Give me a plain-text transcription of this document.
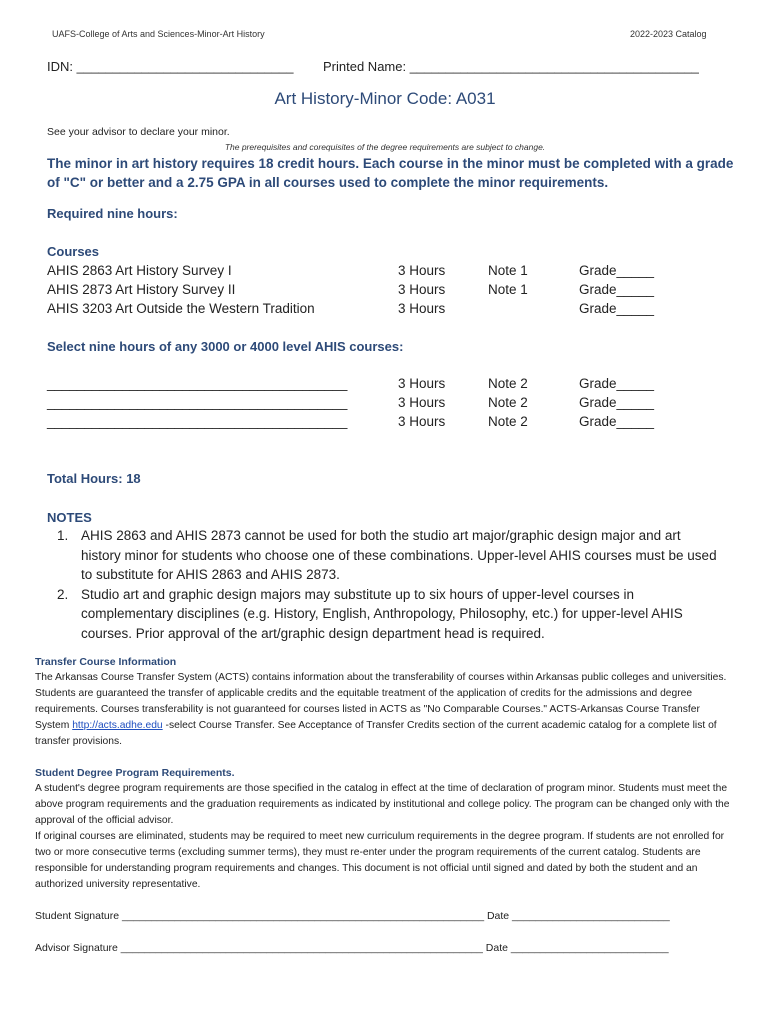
UAFS-College of Arts and Sciences-Minor-Art History	2022-2023 Catalog
IDN: ______________________________ Printed Name: ________________________________________
Art History-Minor Code: A031
See your advisor to declare your minor.
The prerequisites and corequisites of the degree requirements are subject to change.
The minor in art history requires 18 credit hours. Each course in the minor must be completed with a grade of "C" or better and a 2.75 GPA in all courses used to complete the minor requirements.
Required nine hours:
Courses
AHIS 2863 Art History Survey I	3 Hours	Note 1	Grade_____
AHIS 2873 Art History Survey II	3 Hours	Note 1	Grade_____
AHIS 3203 Art Outside the Western Tradition	3 Hours	Grade_____
Select nine hours of any 3000 or 4000 level AHIS courses:
________________________________________	3 Hours	Note 2	Grade_____
________________________________________	3 Hours	Note 2	Grade_____
________________________________________	3 Hours	Note 2	Grade_____
Total Hours: 18
NOTES
1. AHIS 2863 and AHIS 2873 cannot be used for both the studio art major/graphic design major and art history minor for students who choose one of these combinations. Upper-level AHIS courses must be used to substitute for AHIS 2863 and AHIS 2873.
2. Studio art and graphic design majors may substitute up to six hours of upper-level courses in complementary disciplines (e.g. History, English, Anthropology, Philosophy, etc.) for upper-level AHIS courses. Prior approval of the art/graphic design department head is required.
Transfer Course Information
The Arkansas Course Transfer System (ACTS) contains information about the transferability of courses within Arkansas public colleges and universities. Students are guaranteed the transfer of applicable credits and the equitable treatment of the application of credits for the admissions and degree requirements. Courses transferability is not guaranteed for courses listed in ACTS as "No Comparable Courses." ACTS-Arkansas Course Transfer System http://acts.adhe.edu -select Course Transfer. See Acceptance of Transfer Credits section of the current academic catalog for a complete list of transfer provisions.
Student Degree Program Requirements.

A student's degree program requirements are those specified in the catalog in effect at the time of declaration of program minor. Students must meet the above program requirements and the graduation requirements as indicated by institutional and college policy. The program can be changed only with the approval of the official advisor.

If original courses are eliminated, students may be required to meet new curriculum requirements in the degree program. If students are not enrolled for two or more consecutive terms (excluding summer terms), they must re-enter under the program requirements of the current catalog. Students are responsible for understanding program requirements and changes. This document is not official until signed and dated by both the student and an authorized university representative.

Student Signature ______________________________________________________________ Date ___________________________
Advisor Signature ______________________________________________________________ Date ___________________________
